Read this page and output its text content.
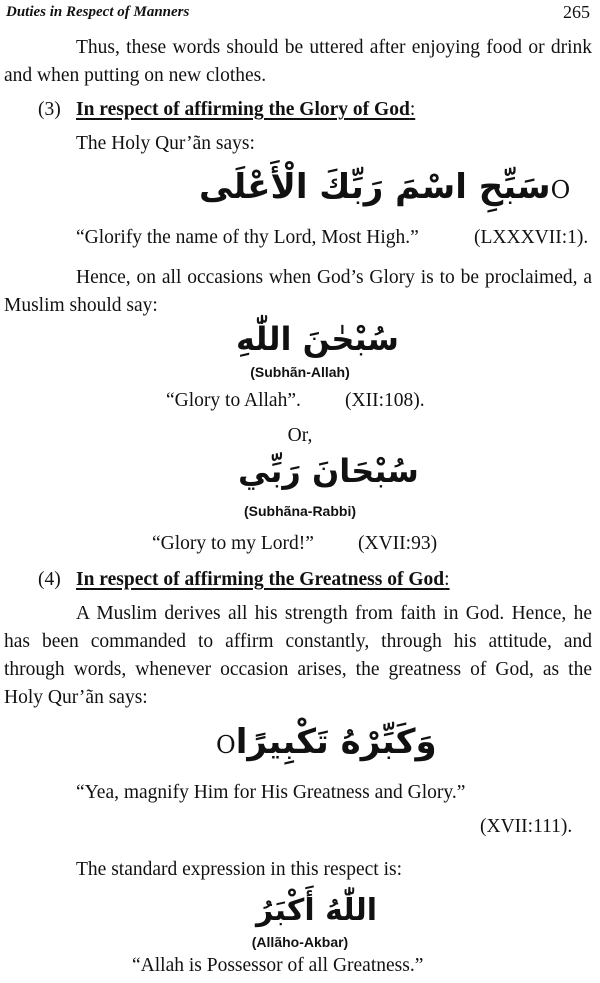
Duties in Respect of Manners	265
Thus, these words should be uttered after enjoying food or drink and when putting on new clothes.
(3) In respect of affirming the Glory of God:
The Holy Qur’ãn says:
Oسَبِّحِ اسْمَ رَبِّكَ الْأَعْلَى
“Glorify the name of thy Lord, Most High.”	(LXXXVII:1).
Hence, on all occasions when God’s Glory is to be proclaimed, a Muslim should say:
سُبْحٰنَ اللّٰهِ
(Subhãn-Allah)
“Glory to Allah”. (XII:108).
Or,
سُبْحَانَ رَبِّي
(Subhãna-Rabbi)
“Glory to my Lord!” (XVII:93)
(4) In respect of affirming the Greatness of God:
A Muslim derives all his strength from faith in God. Hence, he has been commanded to affirm constantly, through his attitude, and through words, whenever occasion arises, the greatness of God, as the Holy Qur’ãn says:
وَكَبِّرْهُ تَكْبِيرًاO
“Yea, magnify Him for His Greatness and Glory.”
(XVII:111).
The standard expression in this respect is:
اللّٰهُ أَكْبَرُ
(Allãho-Akbar)
“Allah is Possessor of all Greatness.”
